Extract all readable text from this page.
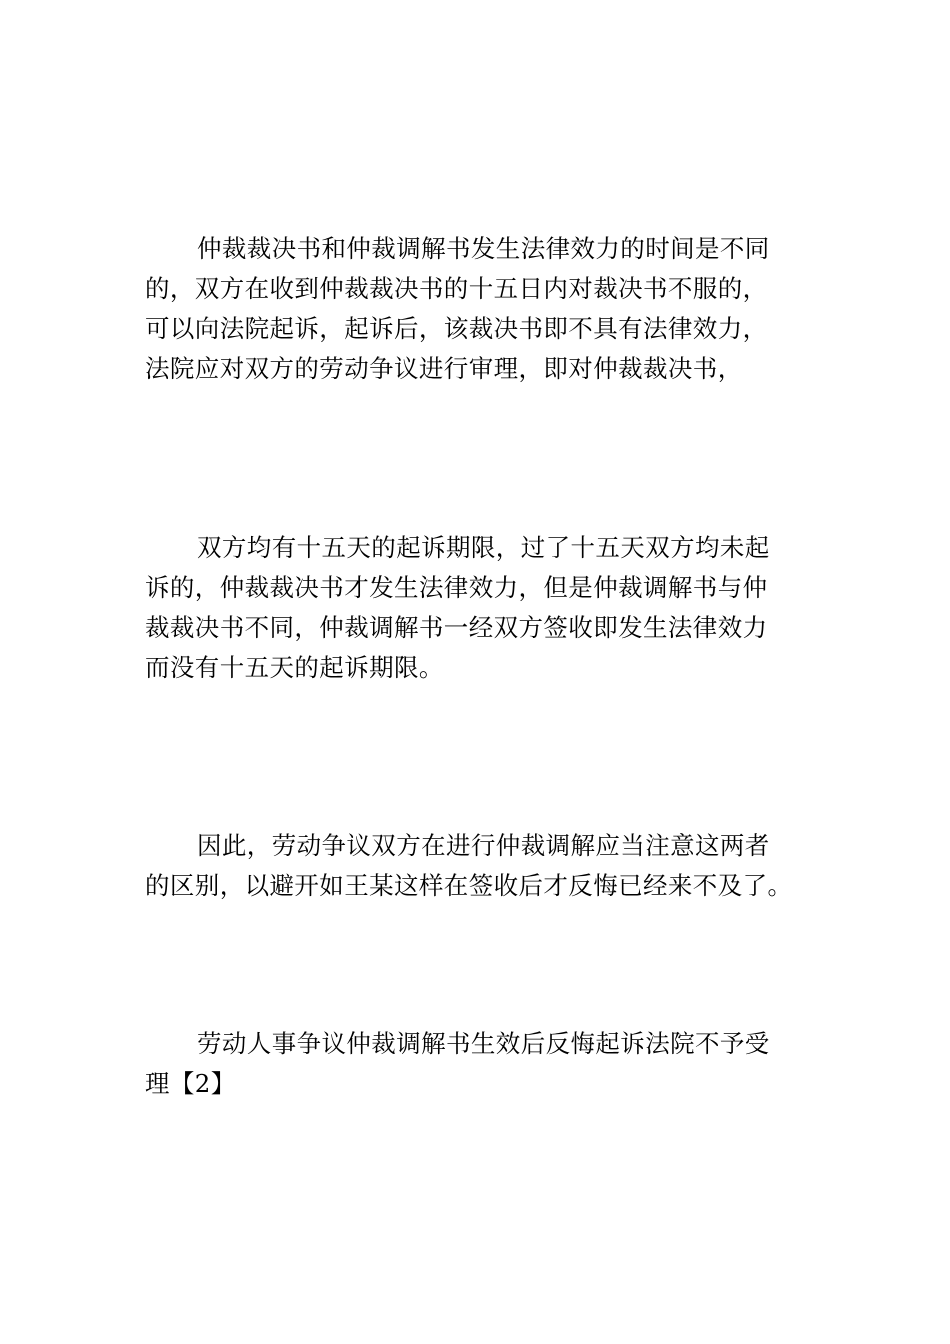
仲裁裁决书和仲裁调解书发生法律效力的时间是不同
的，双方在收到仲裁裁决书的十五日内对裁决书不服的，
可以向法院起诉，起诉后，该裁决书即不具有法律效力，
法院应对双方的劳动争议进行审理，即对仲裁裁决书，
双方均有十五天的起诉期限，过了十五天双方均未起
诉的，仲裁裁决书才发生法律效力，但是仲裁调解书与仲
裁裁决书不同，仲裁调解书一经双方签收即发生法律效力
而没有十五天的起诉期限。
因此，劳动争议双方在进行仲裁调解应当注意这两者
的区别，以避开如王某这样在签收后才反悔已经来不及了。
劳动人事争议仲裁调解书生效后反悔起诉法院不予受
理【2】
